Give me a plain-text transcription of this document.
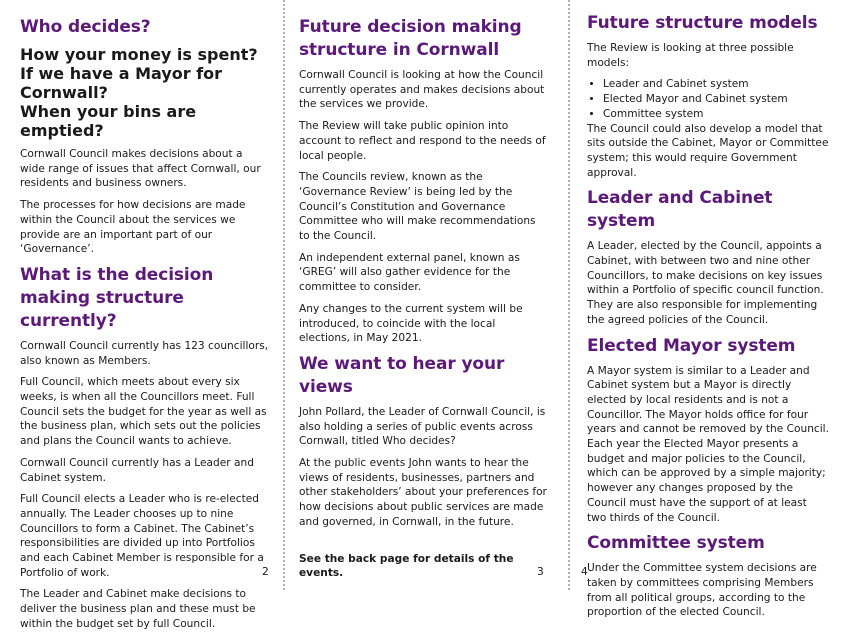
Who decides?
How your money is spent?
If we have a Mayor for Cornwall?
When your bins are emptied?

Cornwall Council makes decisions about a wide range of issues that affect Cornwall, our residents and business owners.

The processes for how decisions are made within the Council about the services we provide are an important part of our ‘Governance’.

What is the decision making structure currently?

Cornwall Council currently has 123 councillors, also known as Members.

Full Council, which meets about every six weeks, is when all the Councillors meet. Full Council sets the budget for the year as well as the business plan, which sets out the policies and plans the Council wants to achieve.

Cornwall Council currently has a Leader and Cabinet system.

Full Council elects a Leader who is re-elected annually. The Leader chooses up to nine Councillors to form a Cabinet. The Cabinet’s responsibilities are divided up into Portfolios and each Cabinet Member is responsible for a Portfolio of work.

The Leader and Cabinet make decisions to deliver the business plan and these must be within the budget set by full Council.

2
Future decision making structure in Cornwall

Cornwall Council is looking at how the Council currently operates and makes decisions about the services we provide.

The Review will take public opinion into account to reflect and respond to the needs of local people.

The Councils review, known as the ‘Governance Review’ is being led by the Council’s Constitution and Governance Committee who will make recommendations to the Council.

An independent external panel, known as ‘GREG’ will also gather evidence for the committee to consider.

Any changes to the current system will be introduced, to coincide with the local elections, in May 2021.

We want to hear your views

John Pollard, the Leader of Cornwall Council, is also holding a series of public events across Cornwall, titled Who decides?

At the public events John wants to hear the views of residents, businesses, partners and other stakeholders’ about your preferences for how decisions about public services are made and governed, in Cornwall, in the future.

See the back page for details of the events.	3
Future structure models

The Review is looking at three possible models:

• Leader and Cabinet system
• Elected Mayor and Cabinet system
• Committee system

The Council could also develop a model that sits outside the Cabinet, Mayor or Committee system; this would require Government approval.

Leader and Cabinet system

A Leader, elected by the Council, appoints a Cabinet, with between two and nine other Councillors, to make decisions on key issues within a Portfolio of specific council function. They are also responsible for implementing the agreed policies of the Council.

Elected Mayor system

A Mayor system is similar to a Leader and Cabinet system but a Mayor is directly elected by local residents and is not a Councillor. The Mayor holds office for four years and cannot be removed by the Council. Each year the Elected Mayor presents a budget and major policies to the Council, which can be approved by a simple majority; however any changes proposed by the Council must have the support of at least two thirds of the Council.

Committee system

Under the Committee system decisions are taken by committees comprising Members from all political groups, according to the proportion of the elected Council.

4
